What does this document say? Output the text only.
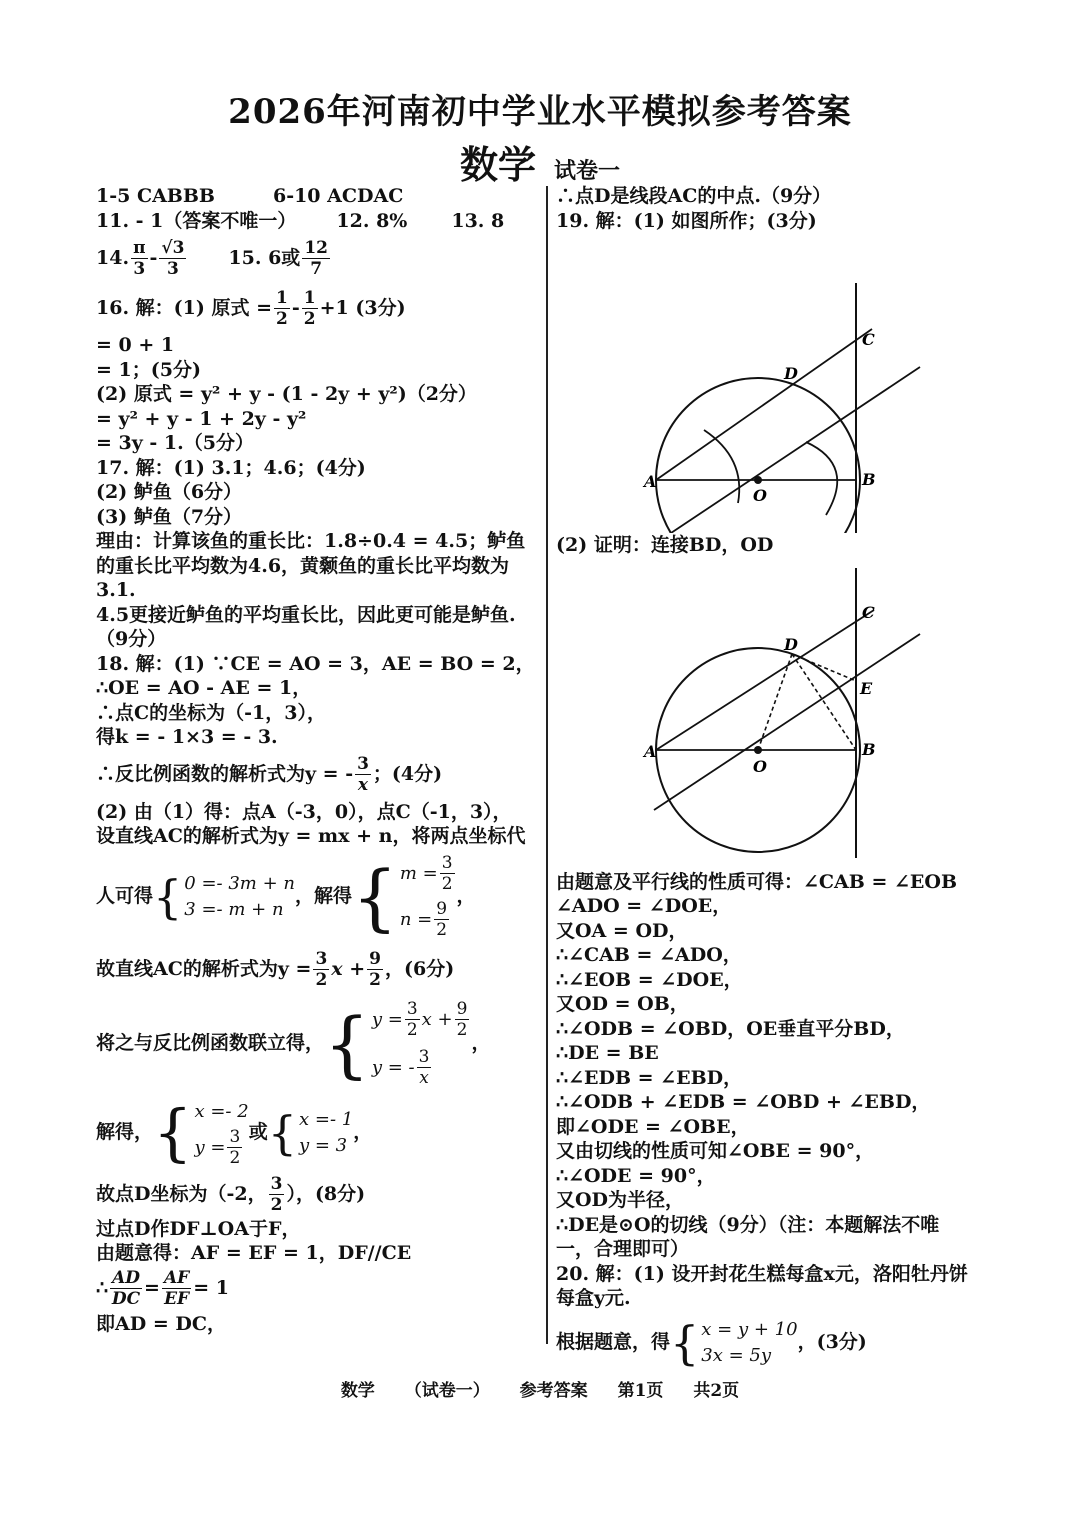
2026年河南初中学业水平模拟参考答案
数学 试卷一
1-5 CABBB	6-10 ACDAC
11. - 1（答案不唯一） 12. 8% 13. 8
14. $\frac{\pi}{3} - \frac{√3}{3} 15$. 6或 $\frac{12}{7}$
16. 解：(1) 原式 = $\frac{1}{2} - \frac{1}{2} +1$ (3分)
= 0 + 1
= 1；(5分)
(2) 原式 = y² + y - (1 - 2y + y²)（2分）
= y² + y - 1 + 2y - y²
= 3y - 1.（5分）
17. 解：(1) 3.1；4.6；(4分)
(2) 鲈鱼（6分）
(3) 鲈鱼（7分）
理由：计算该鱼的重长比：1.8÷0.4 = 4.5；鲈鱼的重长比平均数为4.6，黄颡鱼的重长比平均数为3.1.
4.5更接近鲈鱼的平均重长比，因此更可能是鲈鱼.（9分）
18. 解：(1) ∵CE = AO = 3，AE = BO = 2，
∴OE = AO - AE = 1，
∴点C的坐标为（-1，3），
得k = - 1×3 = - 3.
∴反比例函数的解析式为y = - $\frac{3}{x}$ ；(4分)
(2) 由（1）得：点A（-3，0），点C（-1，3），
设直线AC的解析式为y = mx + n，将两点坐标代
人可得 { 0 =- 3m + n
3 =- m + n
，解得 { $m = \frac{3}{2}$
$n = \frac{9}{2}$
，
故直线AC的解析式为$y = \frac{3}{2}$ $x + \frac{9}{2}$ ，(6分)
将之与反比例函数联立得， { $y = \frac{3}{2}$ $x + \frac{9}{2}$
y = - $\frac{3}{x}$
，
解得， { x =- 2
$y = \frac{3}{2}$ 或 { x =- 1
y = 3
，
故点D坐标为（-2， $\frac{3}{2}$ ），(8分)
过点D作DF⊥OA于F，
由题意得：AF = EF = 1，DF//CE
∴ $\frac{AD}{DC} = \frac{AF}{EF} = 1$
即AD = DC，
∴点D是线段AC的中点.（9分）
19. 解：(1) 如图所作；(3分)
A	B
C
D
O
(2) 证明：连接BD，OD
A	B
C
D
E
O
由题意及平行线的性质可得：∠CAB = ∠EOB
∠ADO = ∠DOE，
又OA = OD，
∴∠CAB = ∠ADO，
∴∠EOB = ∠DOE，
又OD = OB，
∴∠ODB = ∠OBD，OE垂直平分BD，
∴DE = BE
∴∠EDB = ∠EBD，
∴∠ODB + ∠EDB = ∠OBD + ∠EBD，
即∠ODE = ∠OBE，
又由切线的性质可知∠OBE = 90°，
∴∠ODE = 90°，
又OD为半径，
∴DE是⊙O的切线（9分）（注：本题解法不唯
一，合理即可）
20. 解：(1) 设开封花生糕每盒x元，洛阳牡丹饼
每盒y元.
根据题意，得 { x = y + 10
3x = 5y
，(3分)
数学 （试卷一） 参考答案 第1页 共2页
